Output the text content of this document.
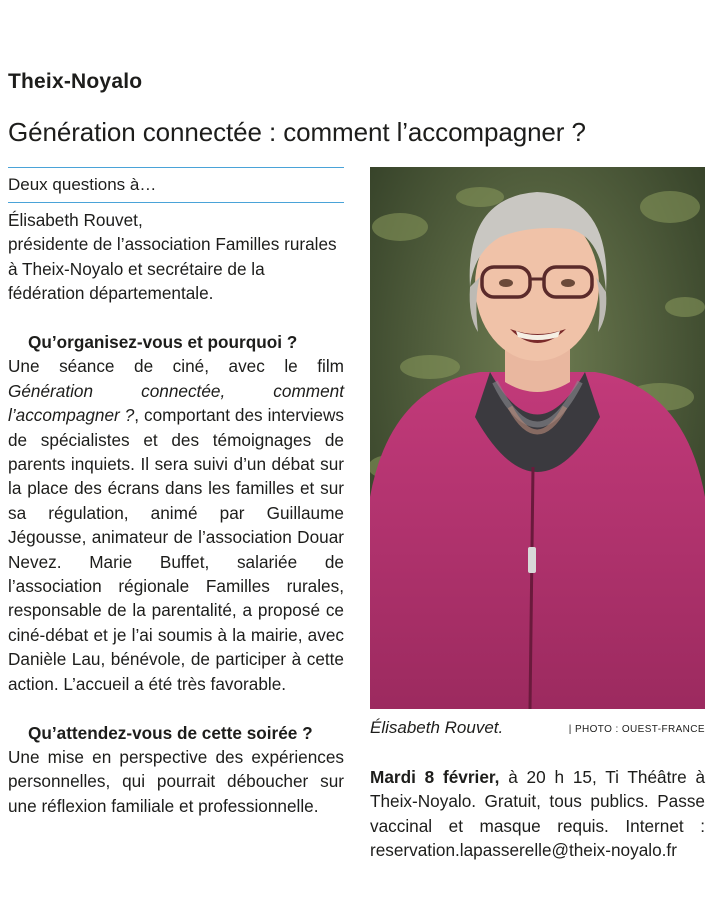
Theix-Noyalo
Génération connectée : comment l’accompagner ?
Deux questions à…

Élisabeth Rouvet,

présidente de l’association Familles rurales à Theix-Noyalo et secrétaire de la fédération départementale.

Qu’organisez-vous et pourquoi ?

Une séance de ciné, avec le film Génération connectée, comment l’accompagner ?, comportant des interviews de spécialistes et des témoignages de parents inquiets. Il sera suivi d’un débat sur la place des écrans dans les familles et sur sa régulation, animé par Guillaume Jégousse, animateur de l’association Douar Nevez. Marie Buffet, salariée de l’association régionale Familles rurales, responsable de la parentalité, a proposé ce ciné-débat et je l’ai soumis à la mairie, avec Danièle Lau, bénévole, de participer à cette action. L’accueil a été très favorable.

Qu’attendez-vous de cette soirée ?

Une mise en perspective des expériences personnelles, qui pourrait déboucher sur une réflexion familiale et professionnelle.

Élisabeth Rouvet.	| PHOTO : OUEST-FRANCE
Mardi 8 février, à 20 h 15, Ti Théâtre à Theix-Noyalo. Gratuit, tous publics. Passe vaccinal et masque requis. Internet : reservation.lapasserelle@theix-noyalo.fr
